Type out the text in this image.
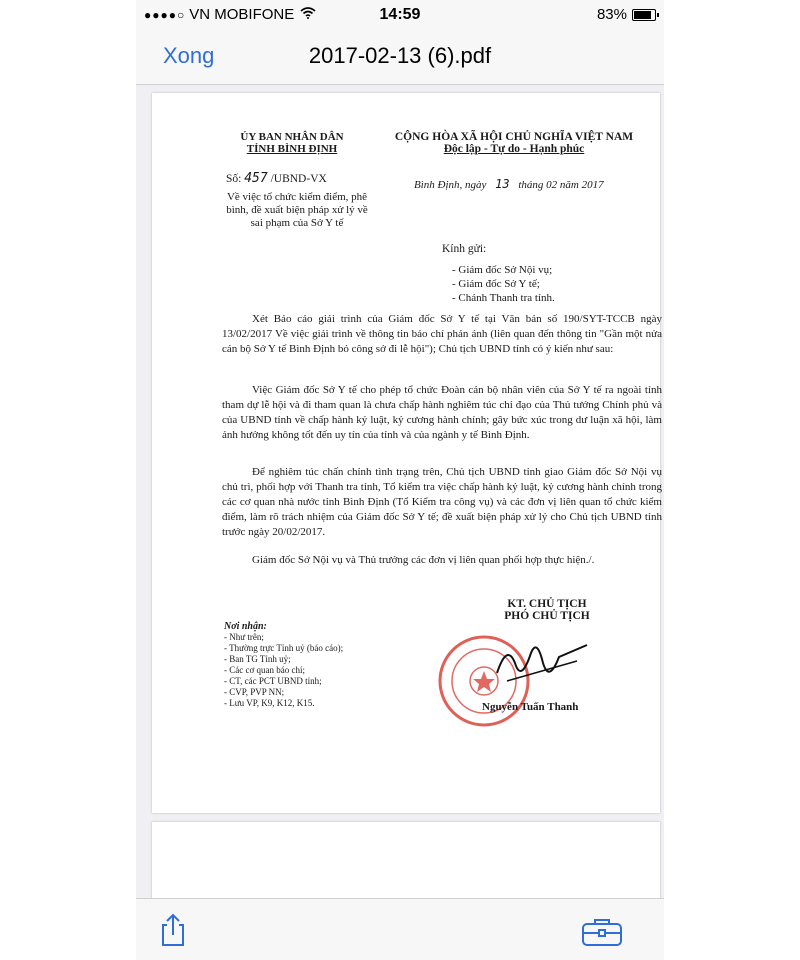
●●●●○ VN MOBIFONE	14:59	83%
Xong	2017-02-13 (6).pdf
ỦY BAN NHÂN DÂN
TỈNH BÌNH ĐỊNH
CỘNG HÒA XÃ HỘI CHỦ NGHĨA VIỆT NAM
Độc lập - Tự do - Hạnh phúc
Số: 457 /UBND-VX
Về việc tổ chức kiểm điểm, phê bình, đề xuất biện pháp xử lý về sai phạm của Sở Y tế
Bình Định, ngày 13 tháng 02 năm 2017
Kính gửi:
- Giám đốc Sở Nội vụ;
- Giám đốc Sở Y tế;
- Chánh Thanh tra tỉnh.
Xét Báo cáo giải trình của Giám đốc Sở Y tế tại Văn bản số 190/SYT-TCCB ngày 13/02/2017 Về việc giải trình về thông tin báo chí phản ánh (liên quan đến thông tin "Gần một nửa cán bộ Sở Y tế Bình Định bỏ công sở đi lễ hội"); Chủ tịch UBND tỉnh có ý kiến như sau:
Việc Giám đốc Sở Y tế cho phép tổ chức Đoàn cán bộ nhân viên của Sở Y tế ra ngoài tỉnh tham dự lễ hội và đi tham quan là chưa chấp hành nghiêm túc chỉ đạo của Thủ tướng Chính phủ và của UBND tỉnh về chấp hành kỷ luật, kỷ cương hành chính; gây bức xúc trong dư luận xã hội, làm ảnh hưởng không tốt đến uy tín của tỉnh và của ngành y tế Bình Định.
Để nghiêm túc chấn chỉnh tình trạng trên, Chủ tịch UBND tỉnh giao Giám đốc Sở Nội vụ chủ trì, phối hợp với Thanh tra tỉnh, Tổ kiểm tra việc chấp hành kỷ luật, kỷ cương hành chính trong các cơ quan nhà nước tỉnh Bình Định (Tổ Kiểm tra công vụ) và các đơn vị liên quan tổ chức kiểm điểm, làm rõ trách nhiệm của Giám đốc Sở Y tế; đề xuất biện pháp xử lý cho Chủ tịch UBND tỉnh trước ngày 20/02/2017.
Giám đốc Sở Nội vụ và Thủ trưởng các đơn vị liên quan phối hợp thực hiện./.
Nơi nhận:
- Như trên;
- Thường trực Tỉnh uỷ (báo cáo);
- Ban TG Tỉnh uỷ;
- Các cơ quan báo chí;
- CT, các PCT UBND tỉnh;
- CVP, PVP NN;
- Lưu VP, K9, K12, K15.
KT. CHỦ TỊCH
PHÓ CHỦ TỊCH
Nguyễn Tuấn Thanh
